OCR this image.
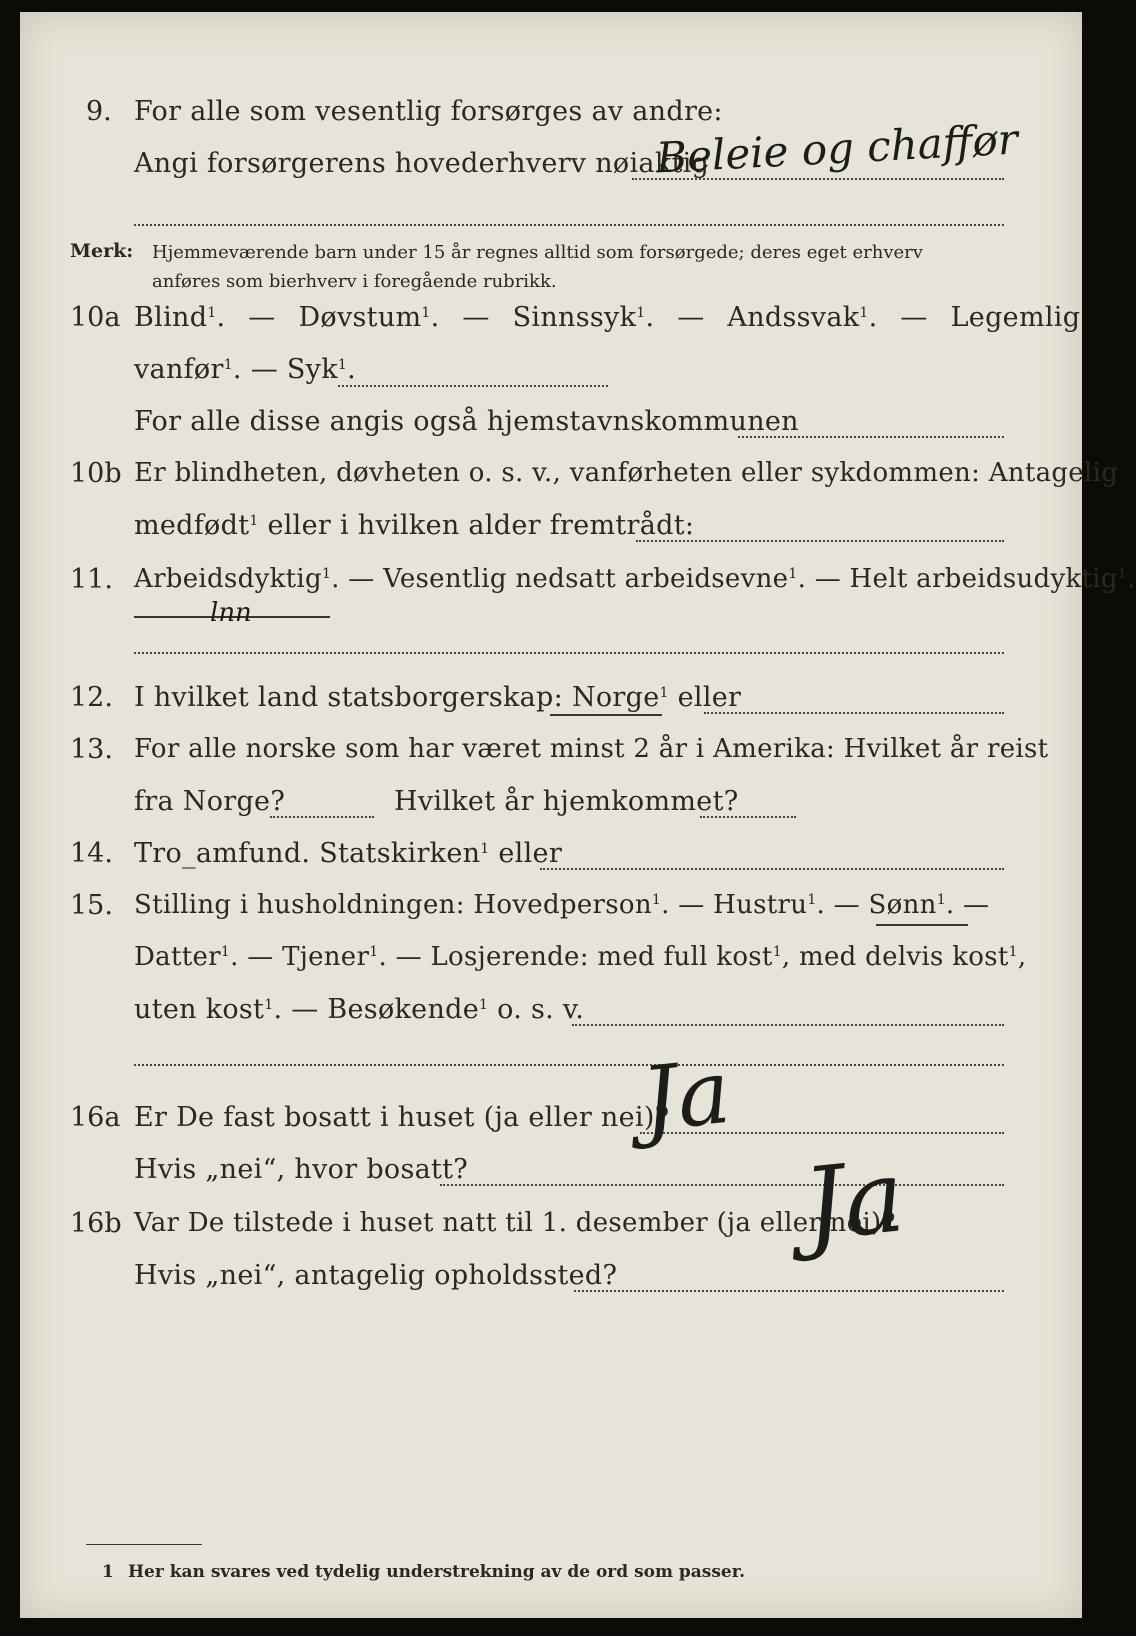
9. For alle som vesentlig forsørges av andre:
Angi forsørgerens hovederhverv nøiaktig
Beleie og chaffør
Merk: Hjemmeværende barn under 15 år regnes alltid som forsørgede; deres eget erhverv
anføres som bierhverv i foregående rubrikk.
10a Blind$^1$. — Døvstum$^1$. — Sinnssyk$^1$. — Andssvak$^1$. — Legemlig
vanfør$^1$. — Syk$^1$.
For alle disse angis også hjemstavnskommunen
10b Er blindheten, døvheten o. s. v., vanførheten eller sykdommen: Antagelig
medfødt$^1$ eller i hvilken alder fremtrådt:
11. Arbeidsdyktig$^1$. — Vesentlig nedsatt arbeidsevne$^1$. — Helt arbeidsudyktig$^1$.
lnn
12. I hvilket land statsborgerskap: Norge$^1$ eller
13. For alle norske som har været minst 2 år i Amerika: Hvilket år reist
fra Norge?	Hvilket år hjemkommet?
14. Tro_amfund. Statskirken$^1$ eller
15. Stilling i husholdningen: Hovedperson$^1$. — Hustru$^1$. — Sønn$^1$. —
Datter$^1$. — Tjener$^1$. — Losjerende: med full kost$^1$, med delvis kost$^1$,
uten kost$^1$. — Besøkende$^1$ o. s. v.
16a Er De fast bosatt i huset (ja eller nei)?
Ja
Hvis „nei“, hvor bosatt?
16b Var De tilstede i huset natt til 1. desember (ja eller nei)?
Ja
Hvis „nei“, antagelig opholdssted?
1 Her kan svares ved tydelig understrekning av de ord som passer.
